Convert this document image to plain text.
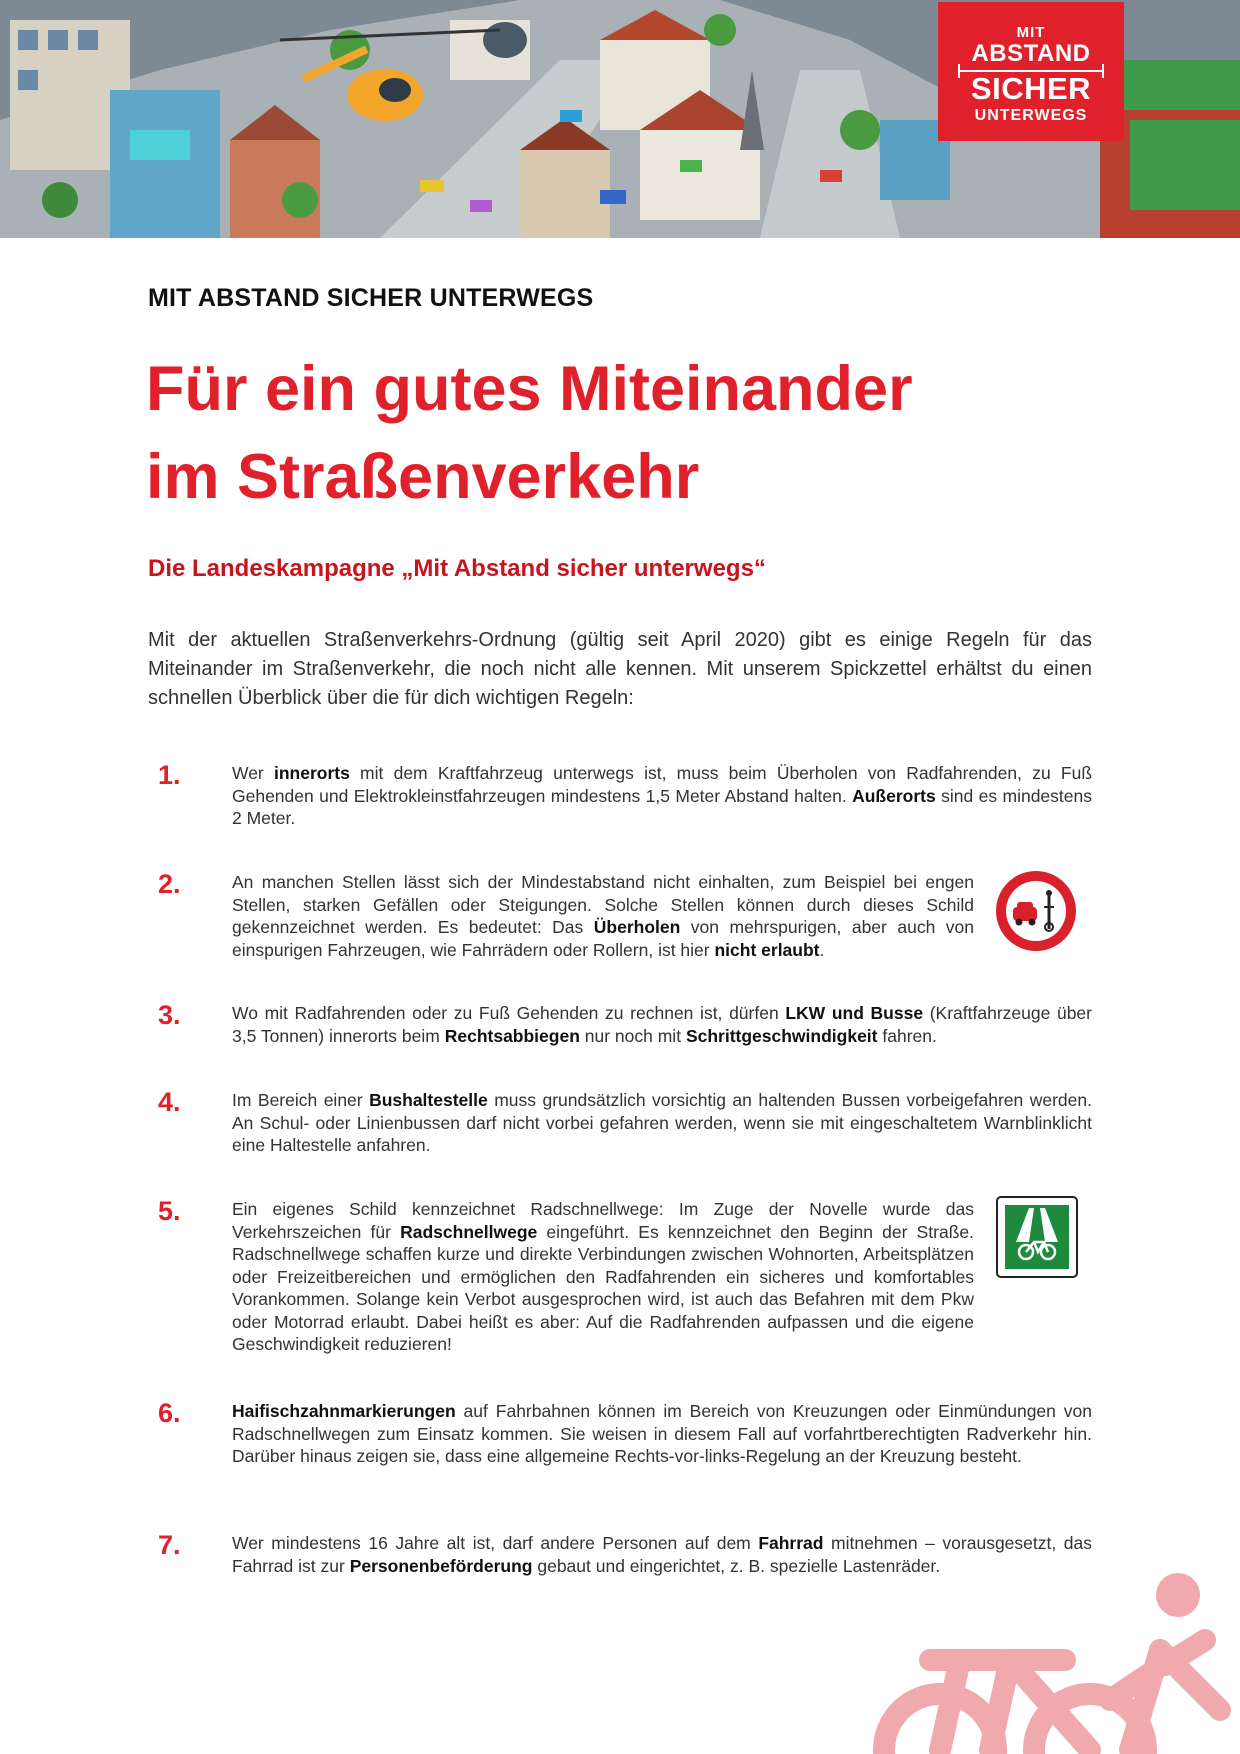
MIT
ABSTAND
SICHER
UNTERWEGS
MIT ABSTAND SICHER UNTERWEGS
Für ein gutes Miteinander
im Straßenverkehr
Die Landeskampagne „Mit Abstand sicher unterwegs“
Mit der aktuellen Straßenverkehrs-Ordnung (gültig seit April 2020) gibt es einige Regeln für das Miteinander im Straßenverkehr, die noch nicht alle kennen. Mit unserem Spickzettel erhältst du einen schnellen Überblick über die für dich wichtigen Regeln:
1.	Wer innerorts mit dem Kraftfahrzeug unterwegs ist, muss beim Überholen von Radfahrenden, zu Fuß Gehenden und Elektrokleinstfahrzeugen mindestens 1,5 Meter Abstand halten. Außerorts sind es mindestens 2 Meter.
2.	An manchen Stellen lässt sich der Mindestabstand nicht einhalten, zum Beispiel bei engen Stellen, starken Gefällen oder Steigungen. Solche Stellen können durch dieses Schild gekennzeichnet werden. Es bedeutet: Das Überholen von mehrspurigen, aber auch von einspurigen Fahrzeugen, wie Fahrrädern oder Rollern, ist hier nicht erlaubt.
3.	Wo mit Radfahrenden oder zu Fuß Gehenden zu rechnen ist, dürfen LKW und Busse (Kraftfahrzeuge über 3,5 Tonnen) innerorts beim Rechtsabbiegen nur noch mit Schrittgeschwindigkeit fahren.
4.	Im Bereich einer Bushaltestelle muss grundsätzlich vorsichtig an haltenden Bussen vorbeigefahren werden. An Schul- oder Linienbussen darf nicht vorbei gefahren werden, wenn sie mit eingeschaltetem Warnblinklicht eine Haltestelle anfahren.
5.	Ein eigenes Schild kennzeichnet Radschnellwege: Im Zuge der Novelle wurde das Verkehrszeichen für Radschnellwege eingeführt. Es kennzeichnet den Beginn der Straße. Radschnellwege schaffen kurze und direkte Verbindungen zwischen Wohnorten, Arbeitsplätzen oder Freizeitbereichen und ermöglichen den Radfahrenden ein sicheres und komfortables Vorankommen. Solange kein Verbot ausgesprochen wird, ist auch das Befahren mit dem Pkw oder Motorrad erlaubt. Dabei heißt es aber: Auf die Radfahrenden aufpassen und die eigene Geschwindigkeit reduzieren!
6.	Haifischzahnmarkierungen auf Fahrbahnen können im Bereich von Kreuzungen oder Einmündungen von Radschnellwegen zum Einsatz kommen. Sie weisen in diesem Fall auf vorfahrtberechtigten Radverkehr hin. Darüber hinaus zeigen sie, dass eine allgemeine Rechts-vor-links-Regelung an der Kreuzung besteht.
7.	Wer mindestens 16 Jahre alt ist, darf andere Personen auf dem Fahrrad mitnehmen – vorausgesetzt, das Fahrrad ist zur Personenbeförderung gebaut und eingerichtet, z. B. spezielle Lastenräder.
